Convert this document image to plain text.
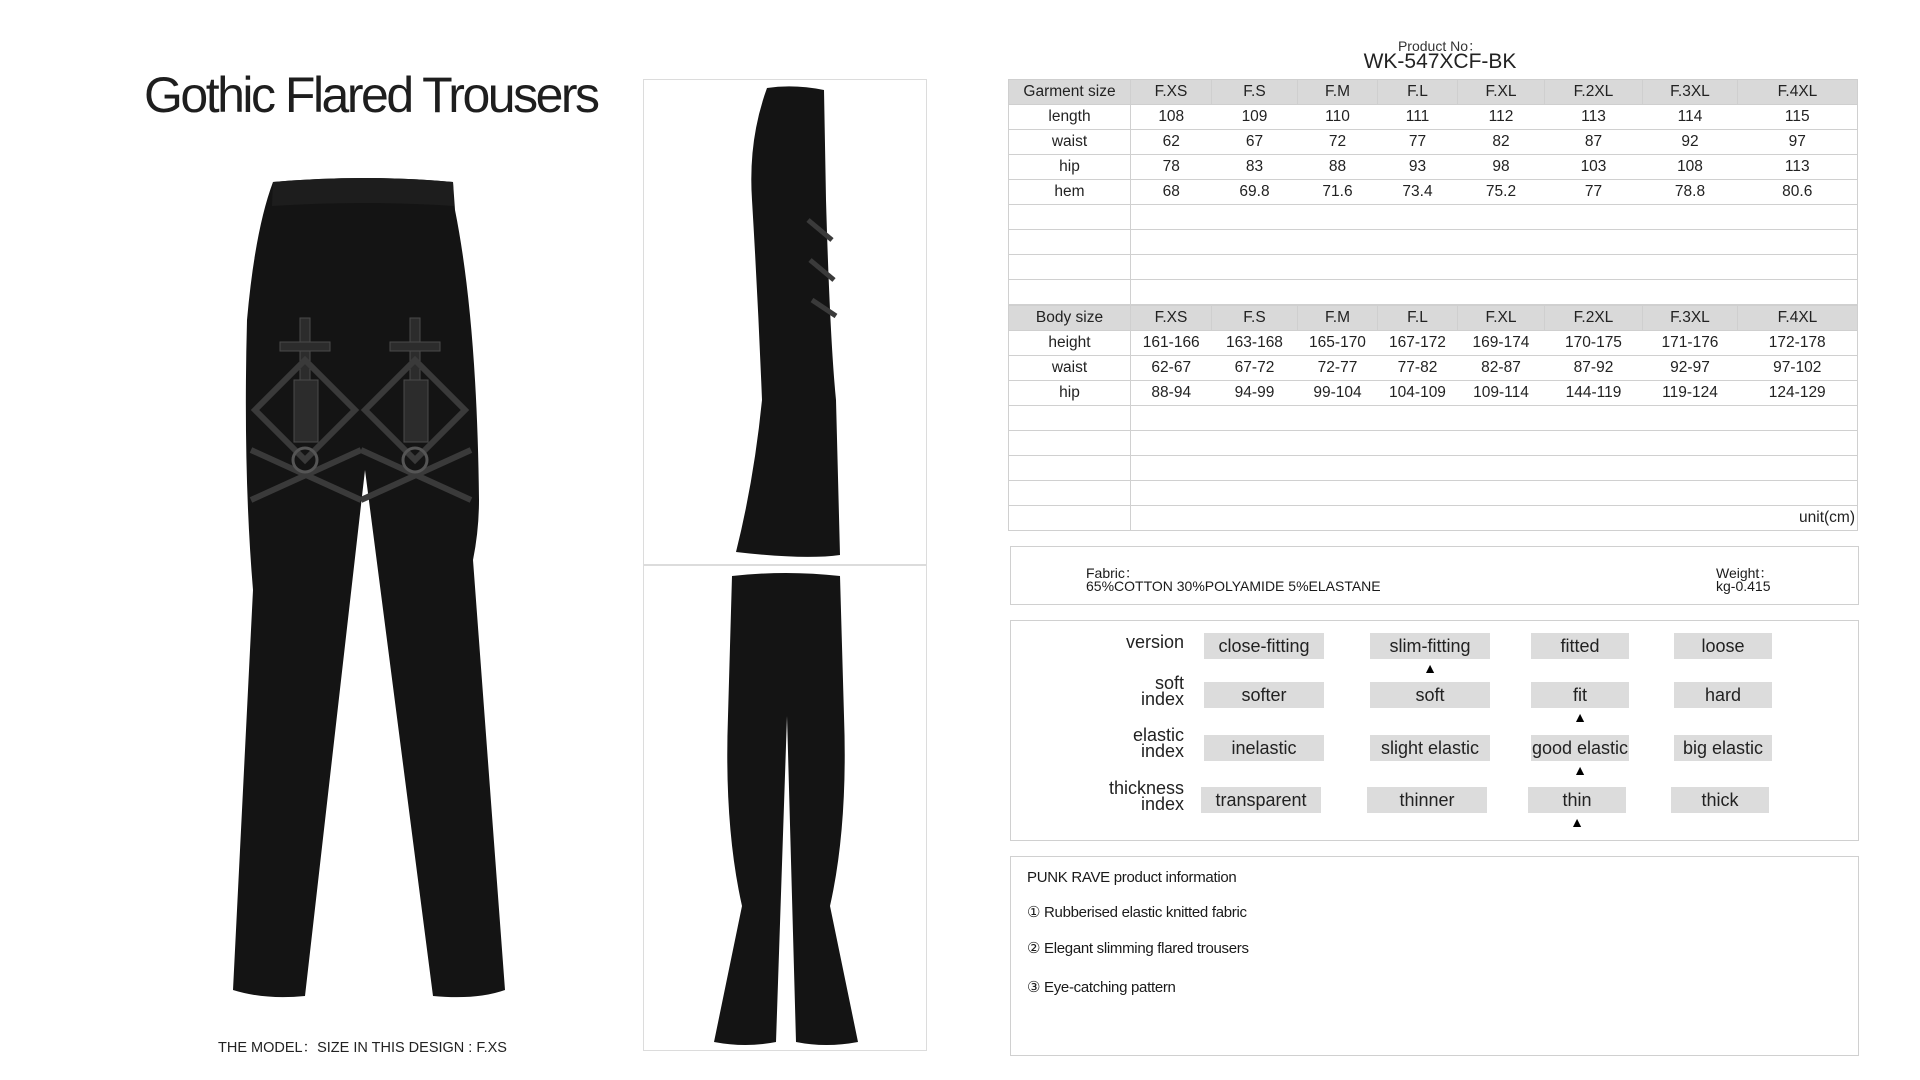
Gothic Flared Trousers

THE MODEL：SIZE IN THIS DESIGN : F.XS

Product No：
WK-547XCF-BK
Garment size	F.XS	F.S	F.M	F.L	F.XL	F.2XL	F.3XL	F.4XL
length	108	109	110	111	112	113	114	115
waist	62	67	72	77	82	87	92	97
hip	78	83	88	93	98	103	108	113
hem	68	69.8	71.6	73.4	75.2	77	78.8	80.6

Body size	F.XS	F.S	F.M	F.L	F.XL	F.2XL	F.3XL	F.4XL
height	161-166	163-168	165-170	167-172	169-174	170-175	171-176	172-178
waist	62-67	67-72	72-77	77-82	82-87	87-92	92-97	97-102
hip	88-94	94-99	99-104	104-109	109-114	144-119	119-124	124-129

	unit(cm)							
Fabric：
65%COTTON 30%POLYAMIDE 5%ELASTANE
Weight：
kg-0.415
version	close-fitting	slim-fitting	fitted	loose
▲
soft
index	softer	soft	fit	hard
▲
elastic
index	inelastic	slight elastic	good elastic	big elastic
▲
thickness
index	transparent	thinner	thin	thick
▲
PUNK RAVE product information
① Rubberised elastic knitted fabric
② Elegant slimming flared trousers
③ Eye-catching pattern
